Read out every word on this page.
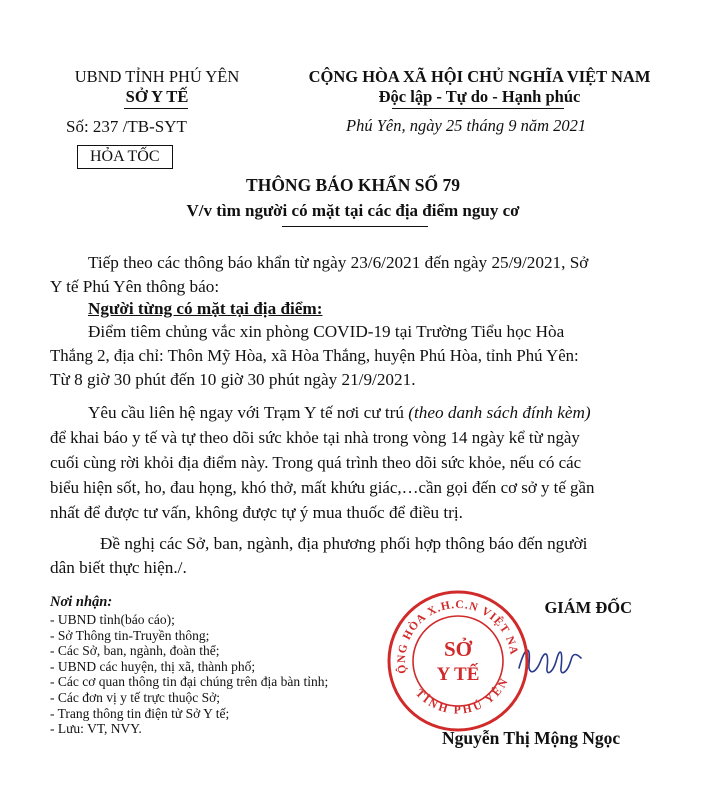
UBND TỈNH PHÚ YÊN
SỞ Y TẾ
Số: 237 /TB-SYT
HỎA TỐC
CỘNG HÒA XÃ HỘI CHỦ NGHĨA VIỆT NAM
Độc lập - Tự do - Hạnh phúc
Phú Yên, ngày 25 tháng 9 năm 2021
THÔNG BÁO KHẨN SỐ 79
V/v tìm người có mặt tại các địa điểm nguy cơ
Tiếp theo các thông báo khẩn từ ngày 23/6/2021 đến ngày 25/9/2021, Sở
Y tế Phú Yên thông báo:
Người từng có mặt tại địa điểm:
Điểm tiêm chủng vắc xin phòng COVID-19 tại Trường Tiểu học Hòa
Thắng 2, địa chỉ: Thôn Mỹ Hòa, xã Hòa Thắng, huyện Phú Hòa, tỉnh Phú Yên:
Từ 8 giờ 30 phút đến 10 giờ 30 phút ngày 21/9/2021.
Yêu cầu liên hệ ngay với Trạm Y tế nơi cư trú (theo danh sách đính kèm)
để khai báo y tế và tự theo dõi sức khỏe tại nhà trong vòng 14 ngày kể từ ngày
cuối cùng rời khỏi địa điểm này. Trong quá trình theo dõi sức khỏe, nếu có các
biểu hiện sốt, ho, đau họng, khó thở, mất khứu giác,…cần gọi đến cơ sở y tế gần
nhất để được tư vấn, không được tự ý mua thuốc để điều trị.
Đề nghị các Sở, ban, ngành, địa phương phối hợp thông báo đến người
dân biết thực hiện./.
Nơi nhận:
- UBND tỉnh(báo cáo);
- Sở Thông tin-Truyền thông;
- Các Sở, ban, ngành, đoàn thể;
- UBND các huyện, thị xã, thành phố;
- Các cơ quan thông tin đại chúng trên địa bàn tỉnh;
- Các đơn vị y tế trực thuộc Sở;
- Trang thông tin điện tử Sở Y tế;
- Lưu: VT, NVY.
GIÁM ĐỐC
CỘNG HÒA X.H.C.N VIỆT NAM
TỈNH PHÚ YÊN
SỞ
Y TẾ
Nguyễn Thị Mộng Ngọc
